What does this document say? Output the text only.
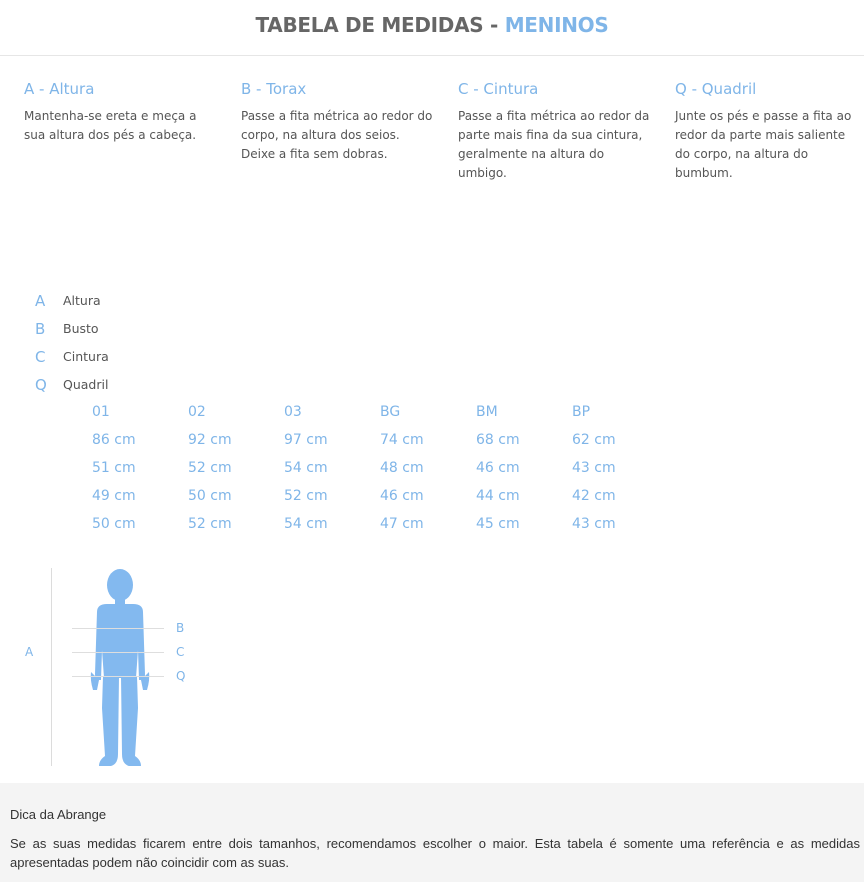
TABELA DE MEDIDAS - MENINOS
A - Altura

Mantenha-se ereta e meça a sua altura dos pés a cabeça.

B - Torax

Passe a fita métrica ao redor do corpo, na altura dos seios. Deixe a fita sem dobras.

C - Cintura

Passe a fita métrica ao redor da parte mais fina da sua cintura, geralmente na altura do umbigo.

Q - Quadril

Junte os pés e passe a fita ao redor da parte mais saliente do corpo, na altura do bumbum.

A	Altura
B	Busto
C	Cintura
Q	Quadril
01	02	03	BG	BM	BP
86 cm	92 cm	97 cm	74 cm	68 cm	62 cm
51 cm	52 cm	54 cm	48 cm	46 cm	43 cm
49 cm	50 cm	52 cm	46 cm	44 cm	42 cm
50 cm	52 cm	54 cm	47 cm	45 cm	43 cm
A
B
C
Q
Dica da Abrange

Se as suas medidas ficarem entre dois tamanhos, recomendamos escolher o maior. Esta tabela é somente uma referência e as medidas apresentadas podem não coincidir com as suas.
